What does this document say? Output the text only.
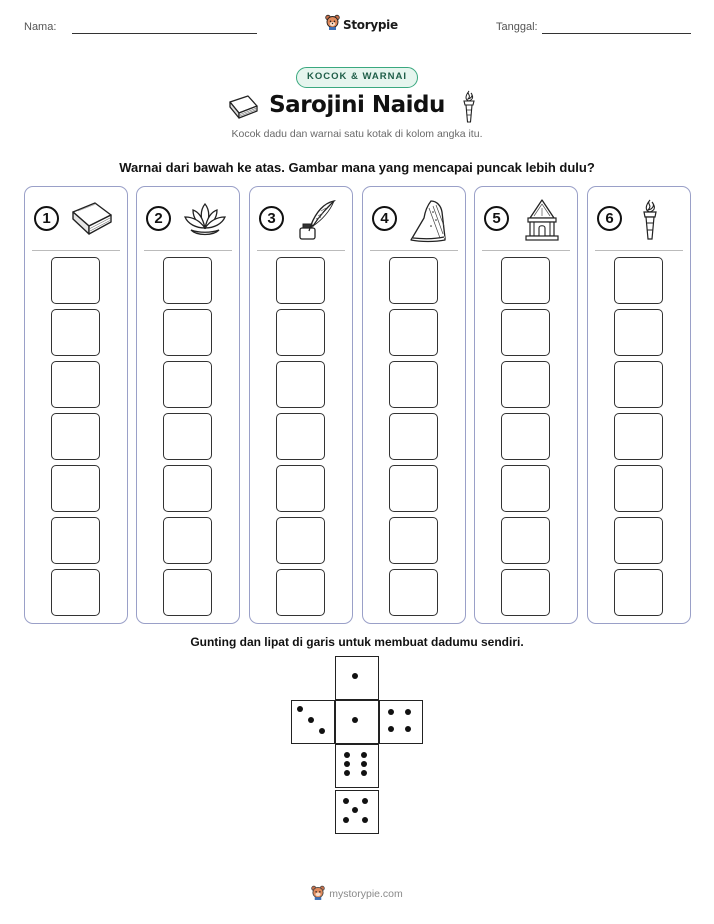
Nama:	Storypie	Tanggal:
KOCOK & WARNAI
Sarojini Naidu
Kocok dadu dan warnai satu kotak di kolom angka itu.
Warnai dari bawah ke atas. Gambar mana yang mencapai puncak lebih dulu?
1	2	3	4	5	6
Gunting dan lipat di garis untuk membuat dadumu sendiri.
mystorypie.com
